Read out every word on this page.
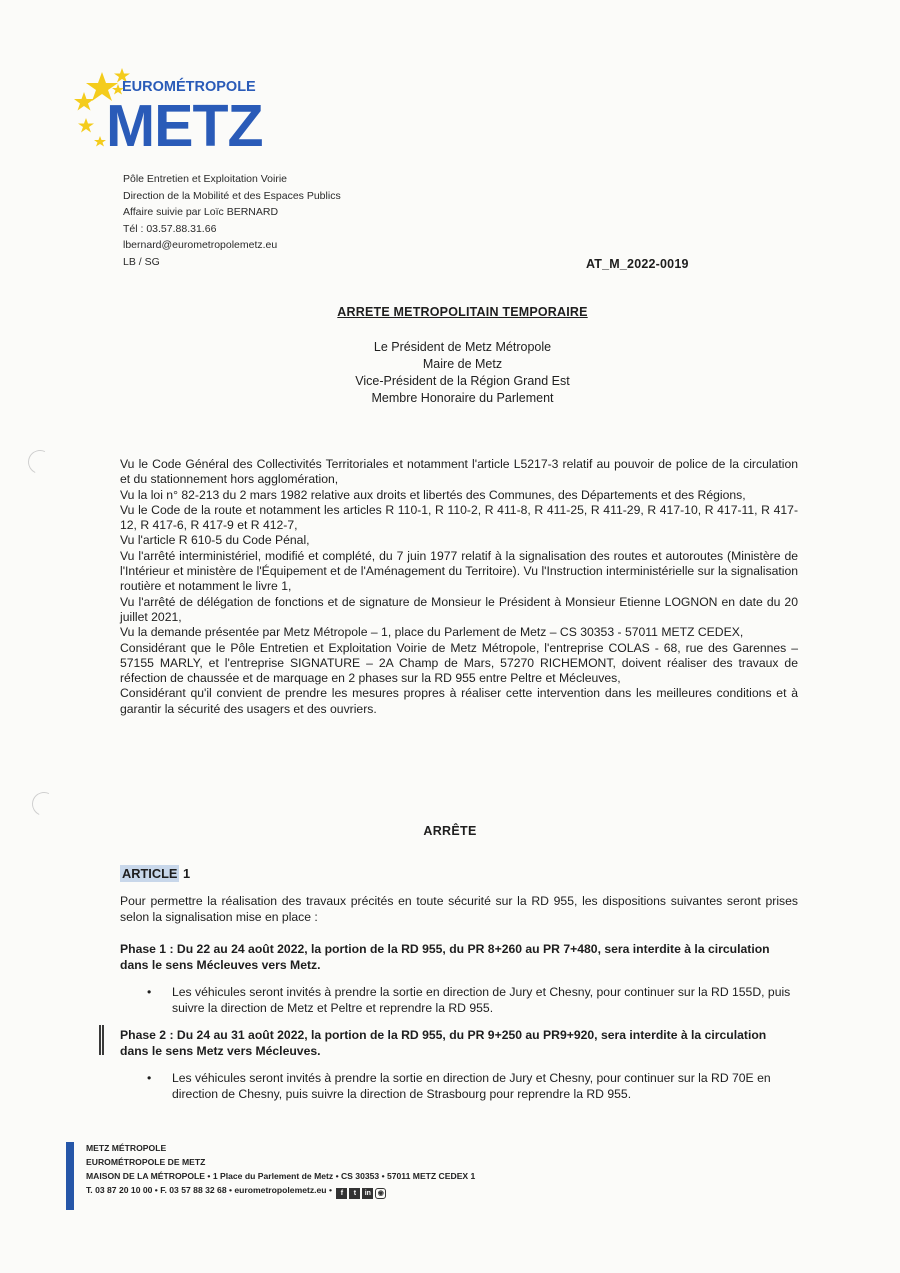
EUROMÉTROPOLE
METZ
Pôle Entretien et Exploitation Voirie
Direction de la Mobilité et des Espaces Publics
Affaire suivie par Loïc BERNARD
Tél : 03.57.88.31.66
lbernard@eurometropolemetz.eu
LB / SG	AT_M_2022-0019
ARRETE METROPOLITAIN TEMPORAIRE
Le Président de Metz Métropole
Maire de Metz
Vice-Président de la Région Grand Est
Membre Honoraire du Parlement

Vu le Code Général des Collectivités Territoriales et notamment l'article L5217-3 relatif au pouvoir de police de la circulation et du stationnement hors agglomération,

Vu la loi n° 82-213 du 2 mars 1982 relative aux droits et libertés des Communes, des Départements et des Régions,

Vu le Code de la route et notamment les articles R 110-1, R 110-2, R 411-8, R 411-25, R 411-29, R 417-10, R 417-11, R 417-12, R 417-6, R 417-9 et R 412-7,

Vu l'article R 610-5 du Code Pénal,

Vu l'arrêté interministériel, modifié et complété, du 7 juin 1977 relatif à la signalisation des routes et autoroutes (Ministère de l'Intérieur et ministère de l'Équipement et de l'Aménagement du Territoire). Vu l'Instruction interministérielle sur la signalisation routière et notamment le livre 1,

Vu l'arrêté de délégation de fonctions et de signature de Monsieur le Président à Monsieur Etienne LOGNON en date du 20 juillet 2021,

Vu la demande présentée par Metz Métropole – 1, place du Parlement de Metz – CS 30353 - 57011 METZ CEDEX,

Considérant que le Pôle Entretien et Exploitation Voirie de Metz Métropole, l'entreprise COLAS - 68, rue des Garennes – 57155 MARLY, et l'entreprise SIGNATURE – 2A Champ de Mars, 57270 RICHEMONT, doivent réaliser des travaux de réfection de chaussée et de marquage en 2 phases sur la RD 955 entre Peltre et Mécleuves,

Considérant qu'il convient de prendre les mesures propres à réaliser cette intervention dans les meilleures conditions et à garantir la sécurité des usagers et des ouvriers.

ARRÊTE
ARTICLE 1
Pour permettre la réalisation des travaux précités en toute sécurité sur la RD 955, les dispositions suivantes seront prises selon la signalisation mise en place :
Phase 1 : Du 22 au 24 août 2022, la portion de la RD 955, du PR 8+260 au PR 7+480, sera interdite à la circulation dans le sens Mécleuves vers Metz.
• Les véhicules seront invités à prendre la sortie en direction de Jury et Chesny, pour continuer sur la RD 155D, puis suivre la direction de Metz et Peltre et reprendre la RD 955.
Phase 2 : Du 24 au 31 août 2022, la portion de la RD 955, du PR 9+250 au PR9+920, sera interdite à la circulation dans le sens Metz vers Mécleuves.
• Les véhicules seront invités à prendre la sortie en direction de Jury et Chesny, pour continuer sur la RD 70E en direction de Chesny, puis suivre la direction de Strasbourg pour reprendre la RD 955.
METZ MÉTROPOLE
EUROMÉTROPOLE DE METZ
MAISON DE LA MÉTROPOLE • 1 Place du Parlement de Metz • CS 30353 • 57011 METZ CEDEX 1
T. 03 87 20 10 00 • F. 03 57 88 32 68 • eurometropolemetz.eu • f t in ◉
